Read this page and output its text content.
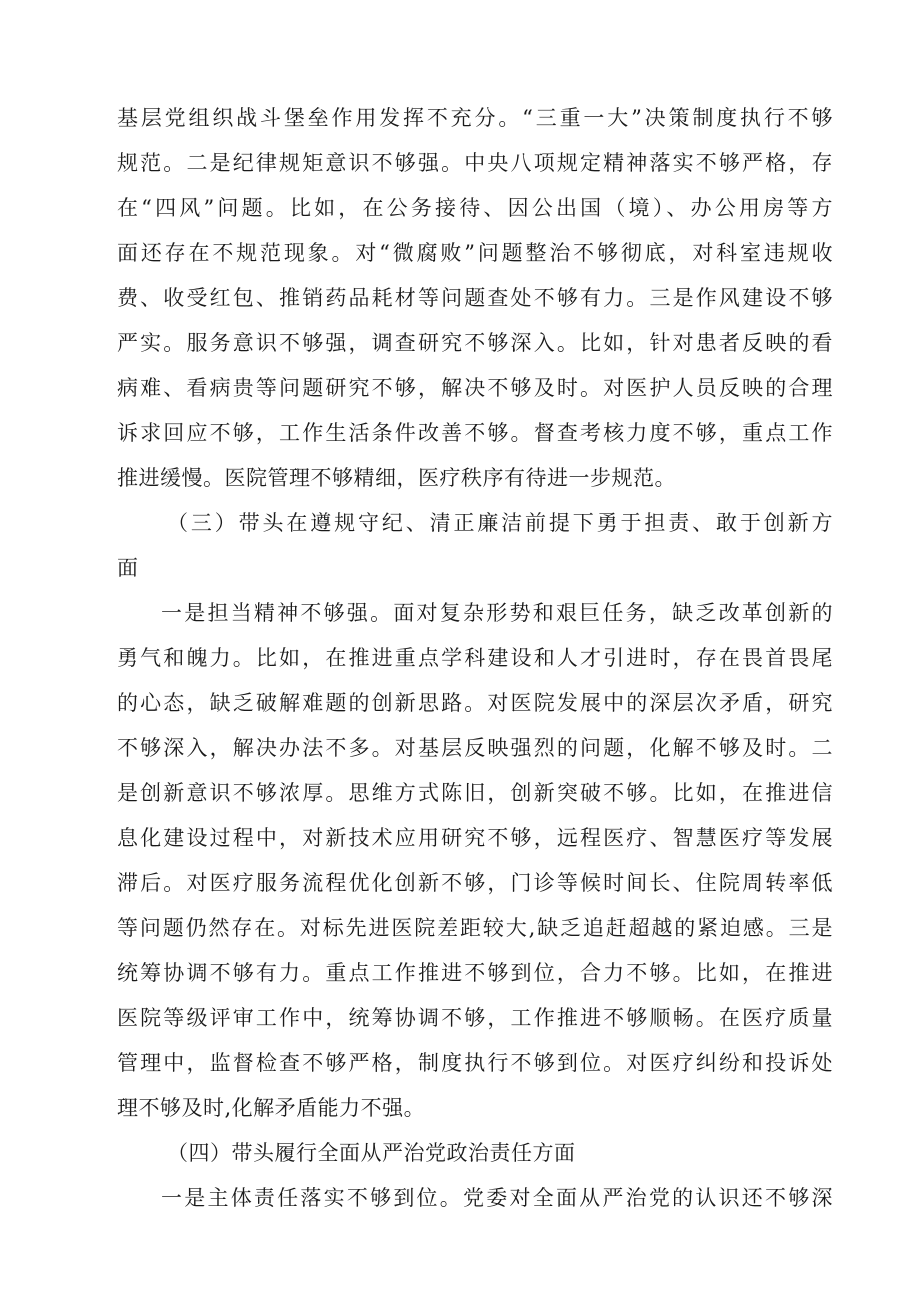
基层党组织战斗堡垒作用发挥不充分。“三重一大”决策制度执行不够
规范。二是纪律规矩意识不够强。中央八项规定精神落实不够严格，存
在“四风”问题。比如，在公务接待、因公出国（境）、办公用房等方
面还存在不规范现象。对“微腐败”问题整治不够彻底，对科室违规收
费、收受红包、推销药品耗材等问题查处不够有力。三是作风建设不够
严实。服务意识不够强，调查研究不够深入。比如，针对患者反映的看
病难、看病贵等问题研究不够，解决不够及时。对医护人员反映的合理
诉求回应不够，工作生活条件改善不够。督查考核力度不够，重点工作
推进缓慢。医院管理不够精细，医疗秩序有待进一步规范。
（三）带头在遵规守纪、清正廉洁前提下勇于担责、敢于创新方
面
一是担当精神不够强。面对复杂形势和艰巨任务，缺乏改革创新的
勇气和魄力。比如，在推进重点学科建设和人才引进时，存在畏首畏尾
的心态，缺乏破解难题的创新思路。对医院发展中的深层次矛盾，研究
不够深入，解决办法不多。对基层反映强烈的问题，化解不够及时。二
是创新意识不够浓厚。思维方式陈旧，创新突破不够。比如，在推进信
息化建设过程中，对新技术应用研究不够，远程医疗、智慧医疗等发展
滞后。对医疗服务流程优化创新不够，门诊等候时间长、住院周转率低
等问题仍然存在。对标先进医院差距较大,缺乏追赶超越的紧迫感。三是
统筹协调不够有力。重点工作推进不够到位，合力不够。比如，在推进
医院等级评审工作中，统筹协调不够，工作推进不够顺畅。在医疗质量
管理中，监督检查不够严格，制度执行不够到位。对医疗纠纷和投诉处
理不够及时,化解矛盾能力不强。
（四）带头履行全面从严治党政治责任方面
一是主体责任落实不够到位。党委对全面从严治党的认识还不够深
